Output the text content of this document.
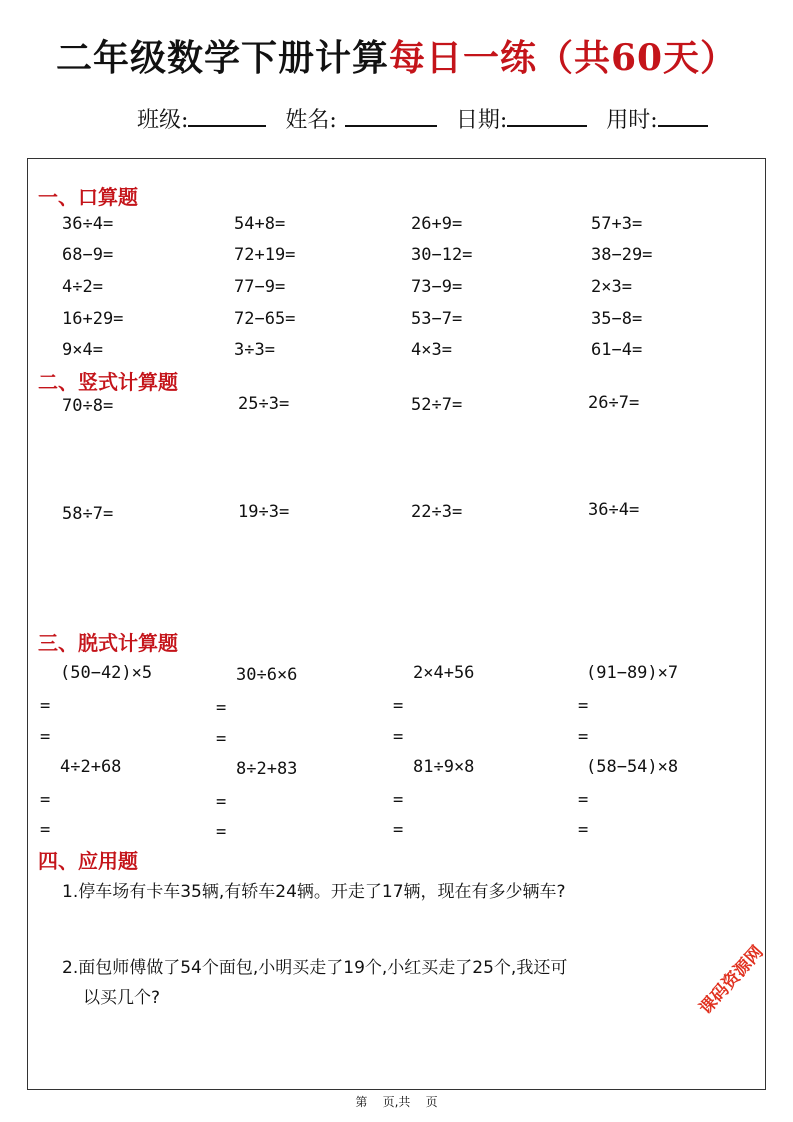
二年级数学下册计算每日一练（共60天）
班级:	姓名:	日期:	用时:
一、口算题
36÷4=	54+8=	26+9=	57+3=
68−9=	72+19=	30−12=	38−29=
4÷2=	77−9=	73−9=	2×3=
16+29=	72−65=	53−7=	35−8=
9×4=	3÷3=	4×3=	61−4=
二、竖式计算题
70÷8=	25÷3=	52÷7=	26÷7=
58÷7=	19÷3=	22÷3=	36÷4=
三、脱式计算题
(50−42)×5	30÷6×6	2×4+56	(91−89)×7
=	=	=	=
=	=	=	=
4÷2+68	8÷2+83	81÷9×8	(58−54)×8
=	=	=	=
=	=	=	=
四、应用题
1.停车场有卡车35辆,有轿车24辆。开走了17辆，现在有多少辆车?
2.面包师傅做了54个面包,小明买走了19个,小红买走了25个,我还可
以买几个?	课码资源网
第    页,共    页
